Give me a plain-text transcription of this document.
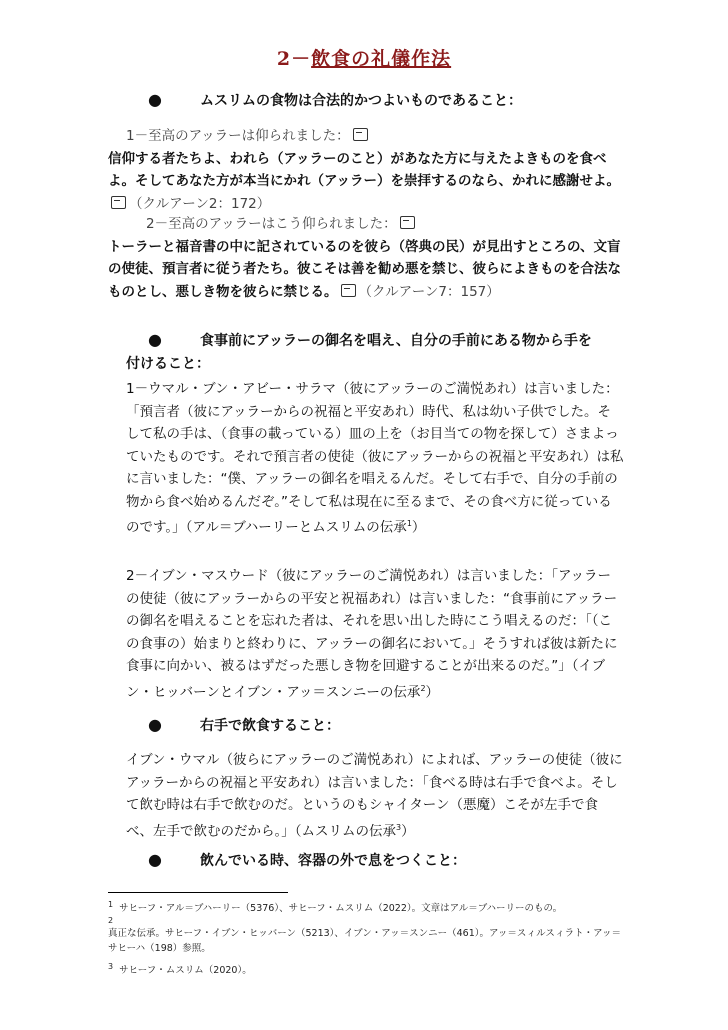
2－飲食の礼儀作法
●	ムスリムの食物は合法的かつよいものであること：

1－至高のアッラーは仰られました：

信仰する者たちよ、われら（アッラーのこと）があなた方に与えたよきものを食べよ。そしてあなた方が本当にかれ（アッラー）を崇拝するのなら、かれに感謝せよ。（クルアーン2：172）

2－至高のアッラーはこう仰られました：

トーラーと福音書の中に記されているのを彼ら（啓典の民）が見出すところの、文盲の使徒、預言者に従う者たち。彼こそは善を勧め悪を禁じ、彼らによきものを合法なものとし、悪しき物を彼らに禁じる。 （クルアーン7：157）

●	食事前にアッラーの御名を唱え、自分の手前にある物から手を
付けること：

1－ウマル・ブン・アビー・サラマ（彼にアッラーのご満悦あれ）は言いました：「預言者（彼にアッラーからの祝福と平安あれ）時代、私は幼い子供でした。そして私の手は、（食事の載っている）皿の上を（お目当ての物を探して）さまよっていたものです。それで預言者の使徒（彼にアッラーからの祝福と平安あれ）は私に言いました：“僕、アッラーの御名を唱えるんだ。そして右手で、自分の手前の物から食べ始めるんだぞ。”そして私は現在に至るまで、その食べ方に従っているのです。」（アル＝ブハーリーとムスリムの伝承$^1$）

2－イブン・マスウード（彼にアッラーのご満悦あれ）は言いました：「アッラーの使徒（彼にアッラーからの平安と祝福あれ）は言いました：“食事前にアッラーの御名を唱えることを忘れた者は、それを思い出した時にこう唱えるのだ：「（この食事の）始まりと終わりに、アッラーの御名において。」そうすれば彼は新たに食事に向かい、被るはずだった悪しき物を回避することが出来るのだ。”」（イブン・ヒッバーンとイブン・アッ＝スンニーの伝承$^2$）

●	右手で飲食すること：

イブン・ウマル（彼らにアッラーのご満悦あれ）によれば、アッラーの使徒（彼にアッラーからの祝福と平安あれ）は言いました：「食べる時は右手で食べよ。そして飲む時は右手で飲むのだ。というのもシャイターン（悪魔）こそが左手で食べ、左手で飲むのだから。」（ムスリムの伝承$^3$）

●	飲んでいる時、容器の外で息をつくこと：
$^1$ サヒーフ・アル＝ブハーリー（5376）、サヒーフ・ムスリム（2022）。文章はアル＝ブハーリーのもの。
$^2$
真正な伝承。サヒーフ・イブン・ヒッバーン（5213）、イブン・アッ＝スンニー（461）。アッ＝スィルスィラト・アッ＝サヒーハ（198）参照。
$^3$ サヒーフ・ムスリム（2020）。
